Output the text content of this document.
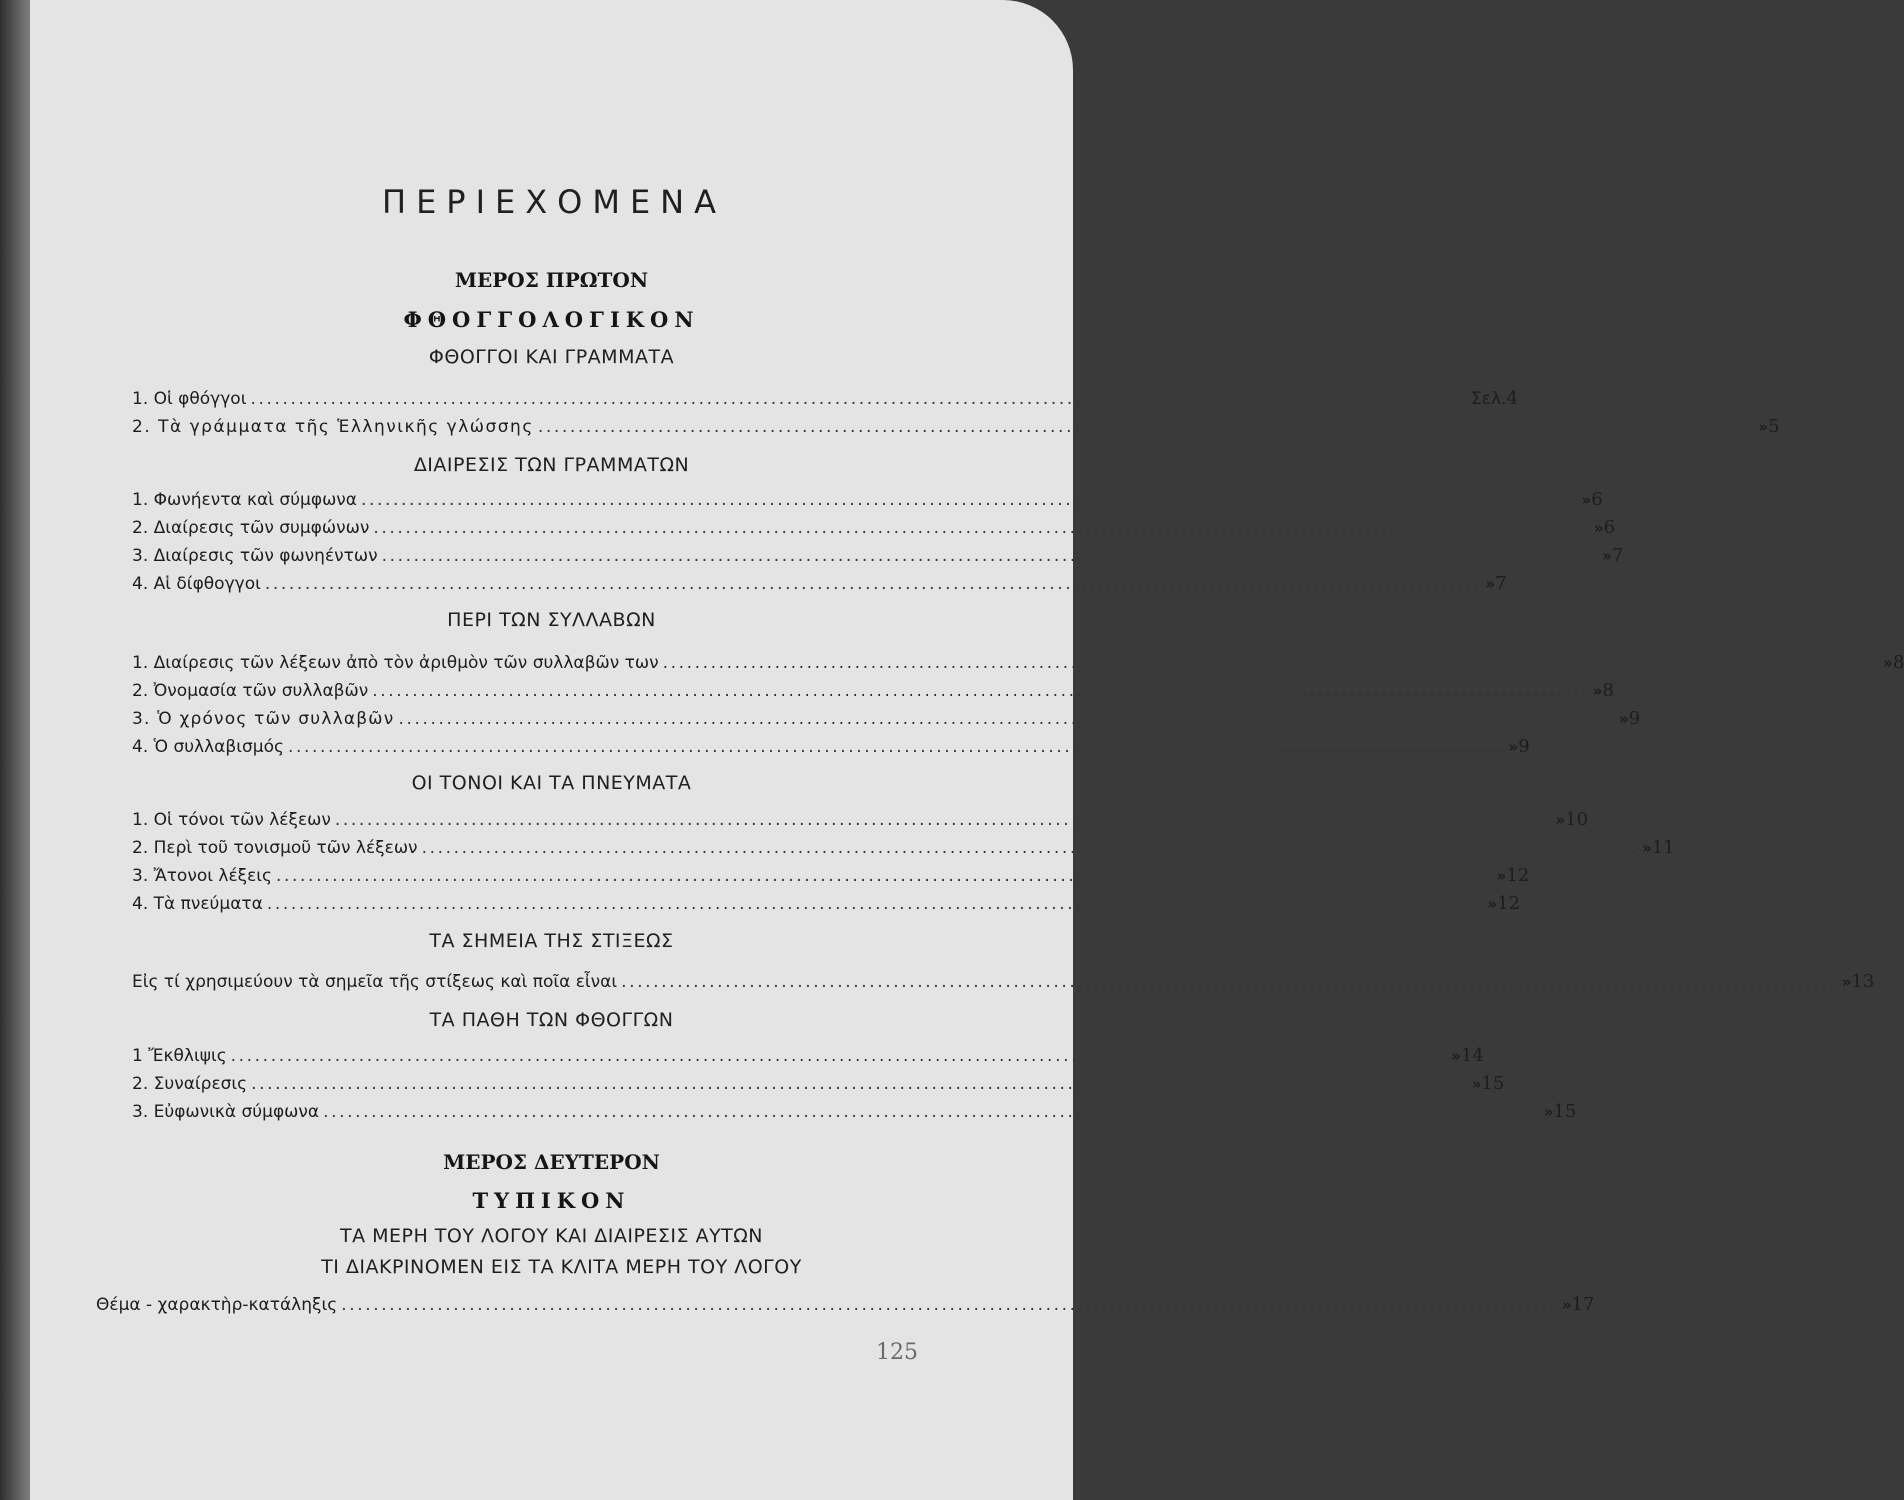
ΠΕΡΙΕΧΟΜΕΝΑ
ΜΕΡΟΣ ΠΡΩΤΟΝ
ΦΘΟΓΓΟΛΟΓΙΚΟΝ
ΦΘΟΓΓΟΙ ΚΑΙ ΓΡΑΜΜΑΤΑ
1. Οἱ φθόγγοι ........................................................................................................................................................ Σελ. 4
2. Τὰ γράμματα τῆς Ἑλληνικῆς γλώσσης ........................................................................................................................................................ » 5
ΔΙΑΙΡΕΣΙΣ ΤΩΝ ΓΡΑΜΜΑΤΩΝ
1. Φωνήεντα καὶ σύμφωνα ........................................................................................................................................................ » 6
2. Διαίρεσις τῶν συμφώνων ........................................................................................................................................................ » 6
3. Διαίρεσις τῶν φωνηέντων ........................................................................................................................................................ » 7
4. Αἱ δίφθογγοι ........................................................................................................................................................ » 7
ΠΕΡΙ ΤΩΝ ΣΥΛΛΑΒΩΝ
1. Διαίρεσις τῶν λέξεων ἀπὸ τὸν ἀριθμὸν τῶν συλλαβῶν των ........................................................................................................................................................ » 8
2. Ὀνομασία τῶν συλλαβῶν ........................................................................................................................................................ » 8
3. Ὁ χρόνος τῶν συλλαβῶν ........................................................................................................................................................ » 9
4. Ὁ συλλαβισμός ........................................................................................................................................................ » 9
ΟΙ ΤΟΝΟΙ ΚΑΙ ΤΑ ΠΝΕΥΜΑΤΑ
1. Οἱ τόνοι τῶν λέξεων ........................................................................................................................................................ » 10
2. Περὶ τοῦ τονισμοῦ τῶν λέξεων ........................................................................................................................................................ » 11
3. Ἄτονοι λέξεις ........................................................................................................................................................ » 12
4. Τὰ πνεύματα ........................................................................................................................................................ » 12
ΤΑ ΣΗΜΕΙΑ ΤΗΣ ΣΤΙΞΕΩΣ
Εἰς τί χρησιμεύουν τὰ σημεῖα τῆς στίξεως καὶ ποῖα εἶναι ........................................................................................................................................................ » 13
ΤΑ ΠΑΘΗ ΤΩΝ ΦΘΟΓΓΩΝ
1 Ἔκθλιψις ........................................................................................................................................................ » 14
2. Συναίρεσις ........................................................................................................................................................ » 15
3. Εὐφωνικὰ σύμφωνα ........................................................................................................................................................ » 15
ΜΕΡΟΣ ΔΕΥΤΕΡΟΝ
ΤΥΠΙΚΟΝ
ΤΑ ΜΕΡΗ ΤΟΥ ΛΟΓΟΥ ΚΑΙ ΔΙΑΙΡΕΣΙΣ ΑΥΤΩΝ
ΤΙ ΔΙΑΚΡΙΝΟΜΕΝ ΕΙΣ ΤΑ ΚΛΙΤΑ ΜΕΡΗ ΤΟΥ ΛΟΓΟΥ
Θέμα - χαρακτὴρ-κατάληξις ........................................................................................................................................................ » 17
125
